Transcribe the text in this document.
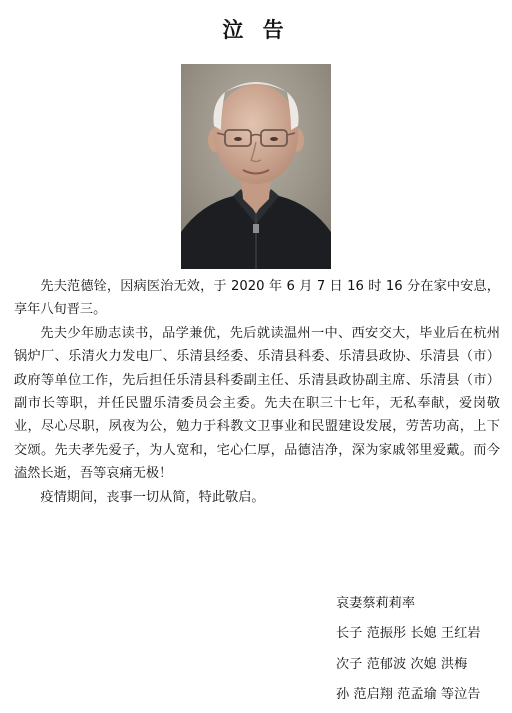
泣 告

先夫范德铨，因病医治无效，于 2020 年 6 月 7 日 16 时 16 分在家中安息，享年八旬晋三。

先夫少年励志读书，品学兼优，先后就读温州一中、西安交大，毕业后在杭州锅炉厂、乐清火力发电厂、乐清县经委、乐清县科委、乐清县政协、乐清县（市）政府等单位工作，先后担任乐清县科委副主任、乐清县政协副主席、乐清县（市）副市长等职，并任民盟乐清委员会主委。先夫在职三十七年，无私奉献，爱岗敬业，尽心尽职，夙夜为公，勉力于科教文卫事业和民盟建设发展，劳苦功高，上下交颂。先夫孝先爱子，为人宽和，宅心仁厚，品德洁净，深为家戚邻里爱戴。而今溘然长逝，吾等哀痛无极！

疫情期间，丧事一切从简，特此敬启。

哀妻蔡莉莉率
长子 范振彤 长媳 王红岩
次子 范郁波 次媳 洪梅
孙 范启翔 范孟瑜 等泣告
